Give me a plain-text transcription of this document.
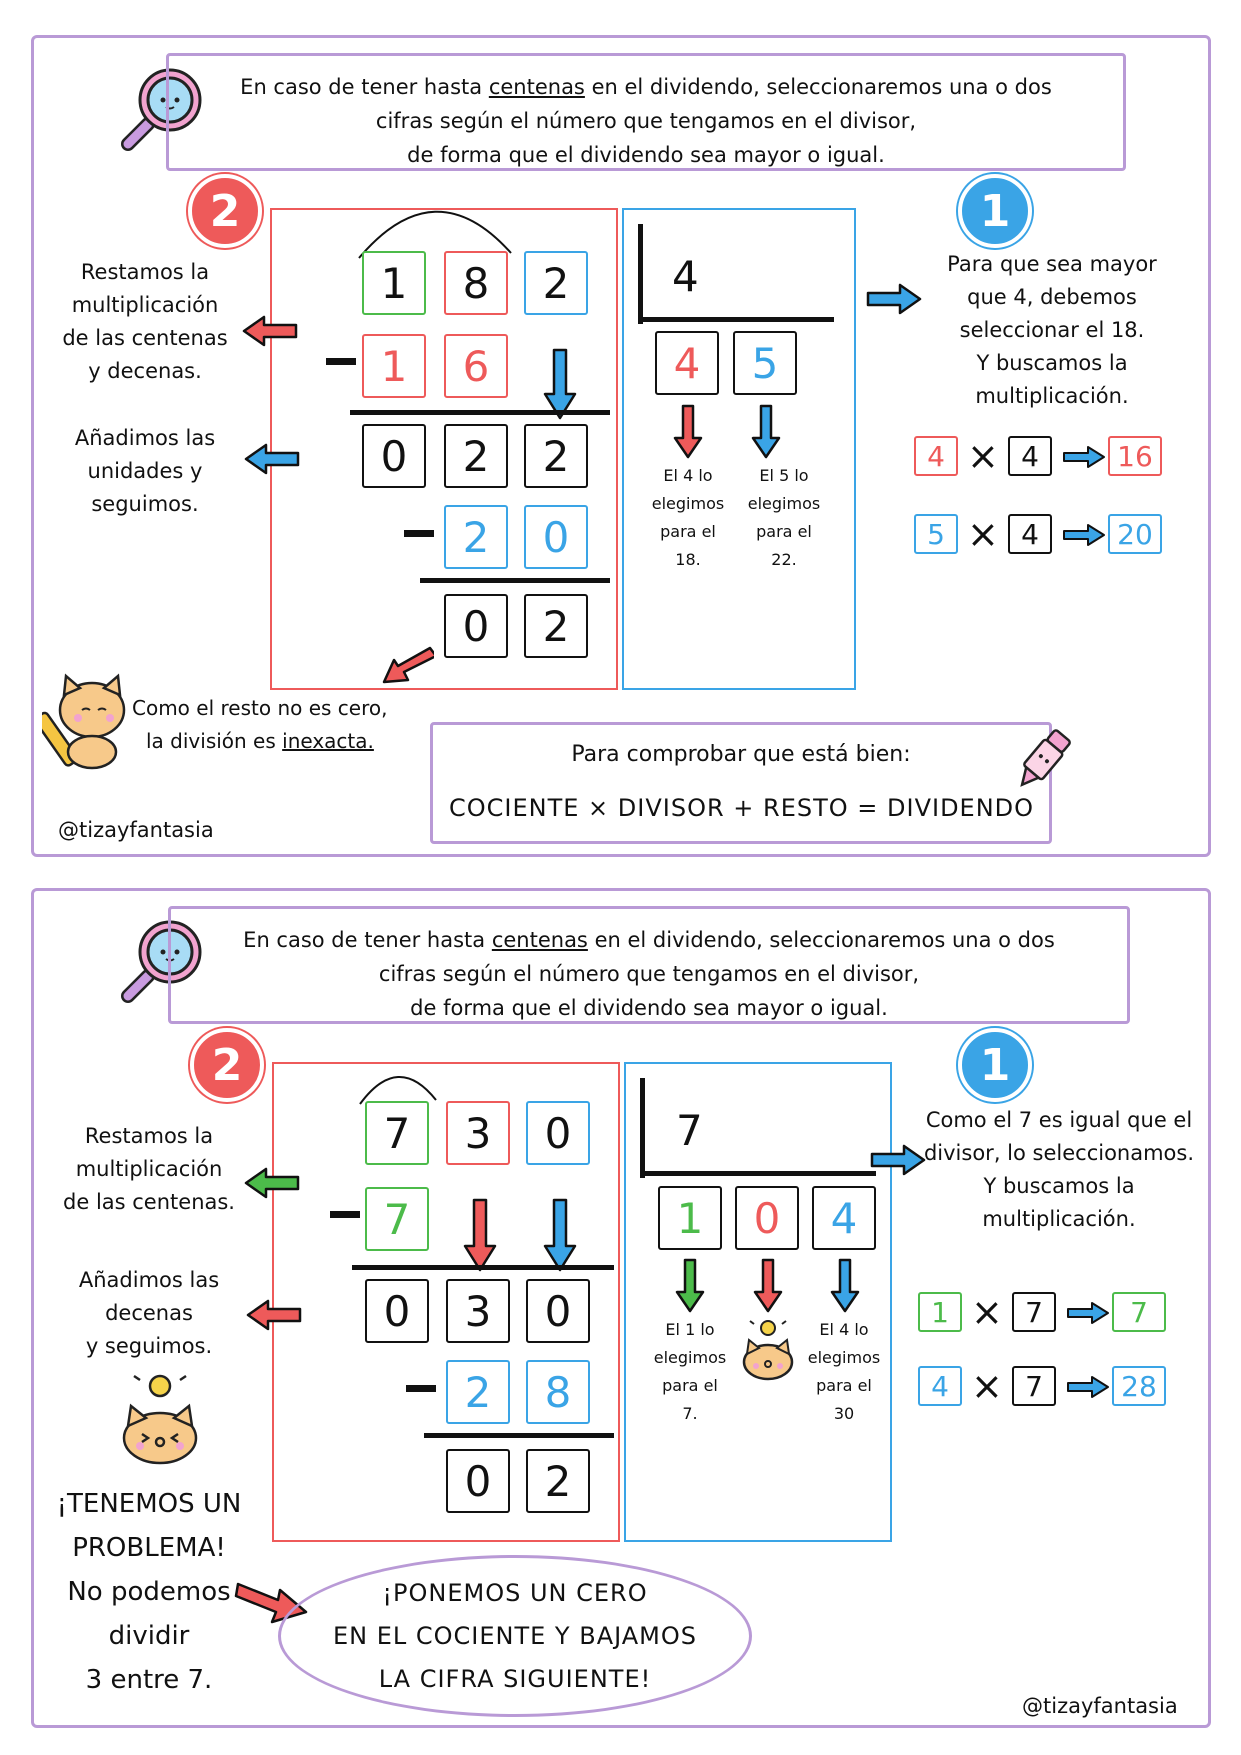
En caso de tener hasta centenas en el dividendo, seleccionaremos una o dos
cifras según el número que tengamos en el divisor,
de forma que el dividendo sea mayor o igual.
2	1
1	8	2
1	6
0	2	2
2	0
0	2
4
4	5
El 4 lo
elegimos
para el
18.
El 5 lo
elegimos
para el
22.
Restamos la
multiplicación
de las centenas
y decenas.
Añadimos las
unidades y
seguimos.
Para que sea mayor
que 4, debemos
seleccionar el 18.
Y buscamos la
multiplicación.
4 × 4	16
5 × 4	20
Como el resto no es cero,
la división es inexacta.
Para comprobar que está bien:
COCIENTE × DIVISOR + RESTO = DIVIDENDO
@tizayfantasia
En caso de tener hasta centenas en el dividendo, seleccionaremos una o dos
cifras según el número que tengamos en el divisor,
de forma que el dividendo sea mayor o igual.
2	1
7	3	0
7
0	3	0
2	8
0	2
7
1	0	4
El 1 lo
elegimos
para el
7.
El 4 lo
elegimos
para el
30
Restamos la
multiplicación
de las centenas.
Añadimos las
decenas
y seguimos.
¡TENEMOS UN
PROBLEMA!
No podemos
dividir
3 entre 7.
¡PONEMOS UN CERO
EN EL COCIENTE Y BAJAMOS
LA CIFRA SIGUIENTE!
Como el 7 es igual que el
divisor, lo seleccionamos.
Y buscamos la
multiplicación.
1 × 7	7
4 × 7	28
@tizayfantasia
